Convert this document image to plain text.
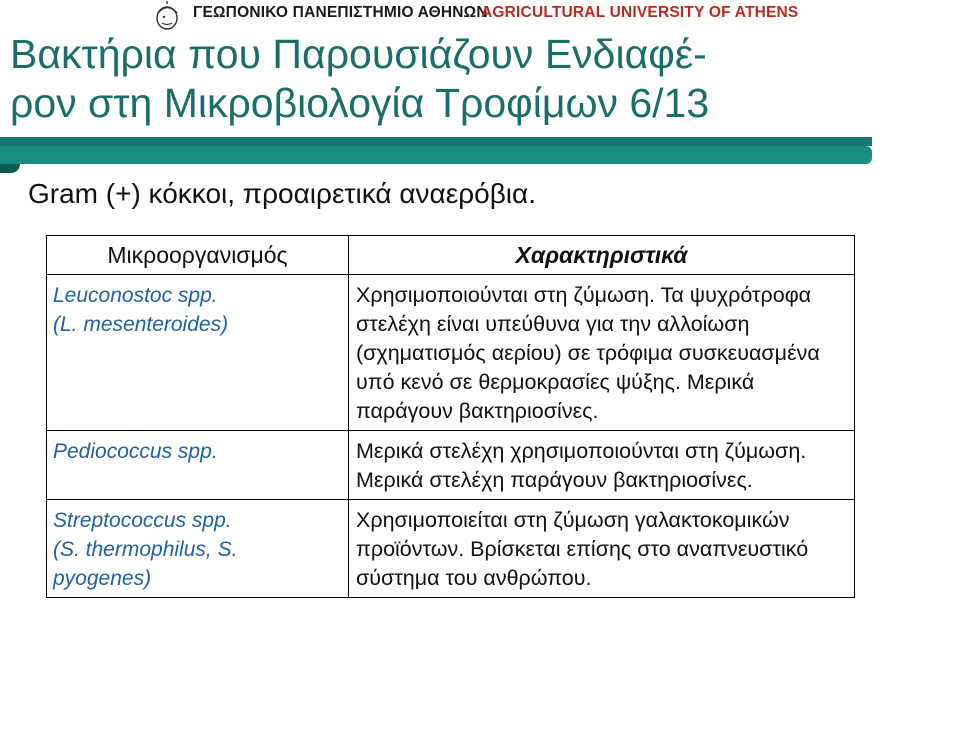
ΓΕΩΠΟΝΙΚΟ ΠΑΝΕΠΙΣΤΗΜΙΟ ΑΘΗΝΩΝ
AGRICULTURAL UNIVERSITY OF ATHENS
Βακτήρια που Παρουσιάζουν Ενδιαφέ-
ρον στη Μικροβιολογία Τροφίμων 6/13
Gram (+) κόκκοι, προαιρετικά αναερόβια.
Μικροοργανισμός	Χαρακτηριστικά

Leuconostoc spp.
(L. mesenteroides)	Χρησιμοποιούνται στη ζύμωση. Τα ψυχρότροφα στελέχη είναι υπεύθυνα για την αλλοίωση (σχηματισμός αερίου) σε τρόφιμα συσκευασμένα υπό κενό σε θερμοκρασίες ψύξης. Μερικά παράγουν βακτηριοσίνες.

Pediococcus spp.	Μερικά στελέχη χρησιμοποιούνται στη ζύμωση. Μερικά στελέχη παράγουν βακτηριοσίνες.

Streptococcus spp.
(S. thermophilus, S.
pyogenes)	Χρησιμοποιείται στη ζύμωση γαλακτοκομικών προϊόντων. Βρίσκεται επίσης στο αναπνευστικό σύστημα του ανθρώπου.
